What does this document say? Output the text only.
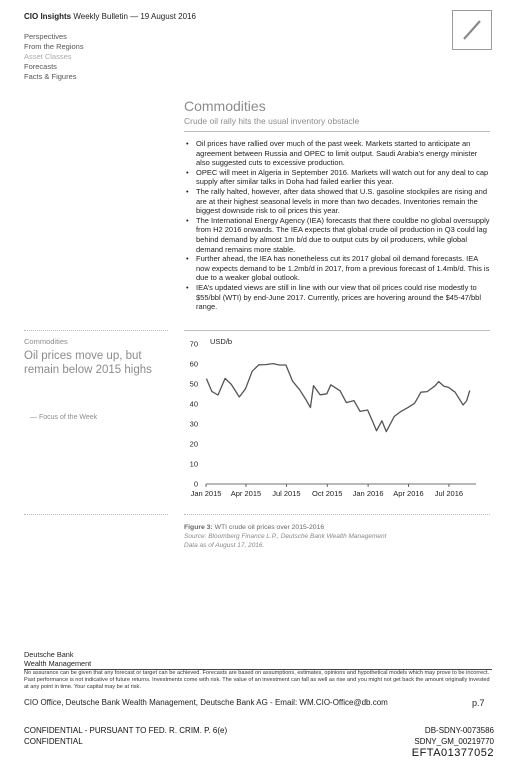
CIO Insights Weekly Bulletin — 19 August 2016
Perspectives
From the Regions
Asset Classes
Forecasts
Facts & Figures
Commodities
Crude oil rally hits the usual inventory obstacle
• Oil prices have rallied over much of the past week. Markets started to anticipate an agreement between Russia and OPEC to limit output. Saudi Arabia’s energy minister also suggested cuts to excessive production.
• OPEC will meet in Algeria in September 2016. Markets will watch out for any deal to cap supply after similar talks in Doha had failed earlier this year.
• The rally halted, however, after data showed that U.S. gasoline stockpiles are rising and are at their highest seasonal levels in more than two decades. Inventories remain the biggest downside risk to oil prices this year.
• The International Energy Agency (IEA) forecasts that there couldbe no global oversupply from H2 2016 onwards. The IEA expects that global crude oil production in Q3 could lag behind demand by almost 1m b/d due to output cuts by oil producers, while global demand remains more stable.
• Further ahead, the IEA has nonetheless cut its 2017 global oil demand forecasts. IEA now expects demand to be 1.2mb/d in 2017, from a previous forecast of 1.4mb/d. This is due to a weaker global outlook.
• IEA’s updated views are still in line with our view that oil prices could rise modestly to $55/bbl (WTI) by end-June 2017. Currently, prices are hovering around the $45-47/bbl range.
Commodities
Oil prices move up, but remain below 2015 highs
— Focus of the Week
USD/b
0
10
20
30
40
50
60
70
Jan 2015 Apr 2015 Jul 2015 Oct 2015 Jan 2016 Apr 2016 Jul 2016
Figure 3: WTI crude oil prices over 2015-2016
Source: Bloomberg Finance L.P., Deutsche Bank Wealth Management
Data as of August 17, 2016.
Deutsche Bank
Wealth Management
No assurance can be given that any forecast or target can be achieved. Forecasts are based on assumptions, estimates, opinions and hypothetical models which may prove to be incorrect. Past performance is not indicative of future returns. Investments come with risk. The value of an investment can fall as well as rise and you might not get back the amount originally invested at any point in time. Your capital may be at risk.
CIO Office, Deutsche Bank Wealth Management, Deutsche Bank AG - Email: WM.CIO-Office@db.com	p.7
CONFIDENTIAL - PURSUANT TO FED. R. CRIM. P. 6(e)
CONFIDENTIAL
DB-SDNY-0073586
SDNY_GM_00219770
EFTA01377052
